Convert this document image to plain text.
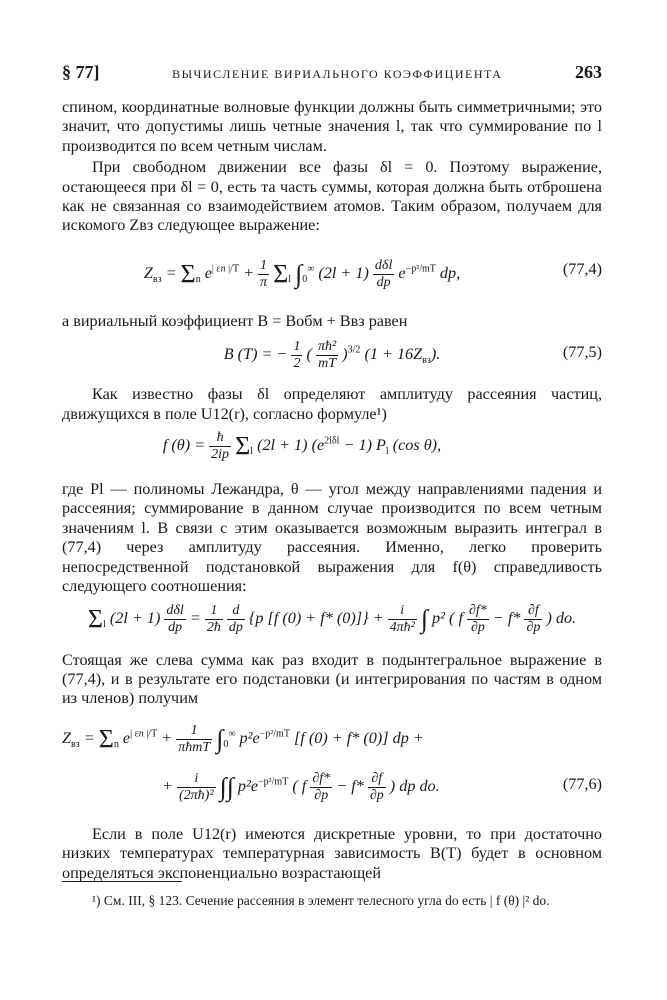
§ 77]	ВЫЧИСЛЕНИЕ ВИРИАЛЬНОГО КОЭФФИЦИЕНТА	263

спином, координатные волновые функции должны быть симметричными; это значит, что допустимы лишь четные значения l, так что суммирование по l производится по всем четным числам.

При свободном движении все фазы δl = 0. Поэтому выражение, остающееся при δl = 0, есть та часть суммы, которая должна быть отброшена как не связанная со взаимодействием атомов. Таким образом, получаем для искомого Zвз следующее выражение:

$Z_{вз} = \Sigma_n$ $e^{| \varepsilon n |/T} + \frac{1}{\pi} \Sigma_l$ $\int_0^\infty$ $(2l + 1) \frac{\text{dδl}}{dp} e^{-p^2/mT}$ dp,	(77,4)

а вириальный коэффициент B = Bобм + Bвз равен

B (T) = − $\frac{1}{2}$ ( $\frac{\text{πħ²}}{mT} )^{3/2}$ $(1 + 16Z_{вз})$.	(77,5)

Как известно фазы δl определяют амплитуду рассеяния частиц, движущихся в поле U12(r), согласно формуле¹)

f $(\theta) = \frac{ħ}{2ip} \Sigma_l$ (2l + 1) $(e^{2i\delta l} - 1)$ $P_l$ (cos θ),

где Pl — полиномы Лежандра, θ — угол между направлениями падения и рассеяния; суммирование в данном случае производится по всем четным значениям l. В связи с этим оказывается возможным выразить интеграл в (77,4) через амплитуду рассеяния. Именно, легко проверить непосредственной подстановкой выражения для f(θ) справедливость следующего соотношения:

$\Sigma_l$ $(2l + 1) \frac{\text{dδl}}{dp} = \frac{1}{2ħ}$
$\frac{d}{dp} \{p$ [f (0) + f* $(0)]\} + \frac{i}{\text{4πħ²}}$ ∫ p² ( f $\frac{\partial f*}{\partial p} - f* \frac{\partial f}{\partial p}$ ) do.

Стоящая же слева сумма как раз входит в подынтегральное выражение в (77,4), и в результате его подстановки (и интегрирования по частям в одном из членов) получим

$Z_{вз} = \Sigma_n$ $e^{| \varepsilon n |/T} + \frac{1}{\text{πħmT}} \int_0^\infty$ $p^2e^{-p^2/mT}$ [f (0) + f* (0)] dp +
+ $\frac{i}{\text{(2πħ)²}}$ ∫∫ $p^2e^{-p^2/mT}$ ( f $\frac{\partial f*}{\partial p} - f* \frac{\partial f}{\partial p}$ ) dp do.	(77,6)

Если в поле U12(r) имеются дискретные уровни, то при достаточно низких температурах температурная зависимость B(T) будет в основном определяться экспоненциально возрастающей

¹) См. III, § 123. Сечение рассеяния в элемент телесного угла do есть | f (θ) |² do.
